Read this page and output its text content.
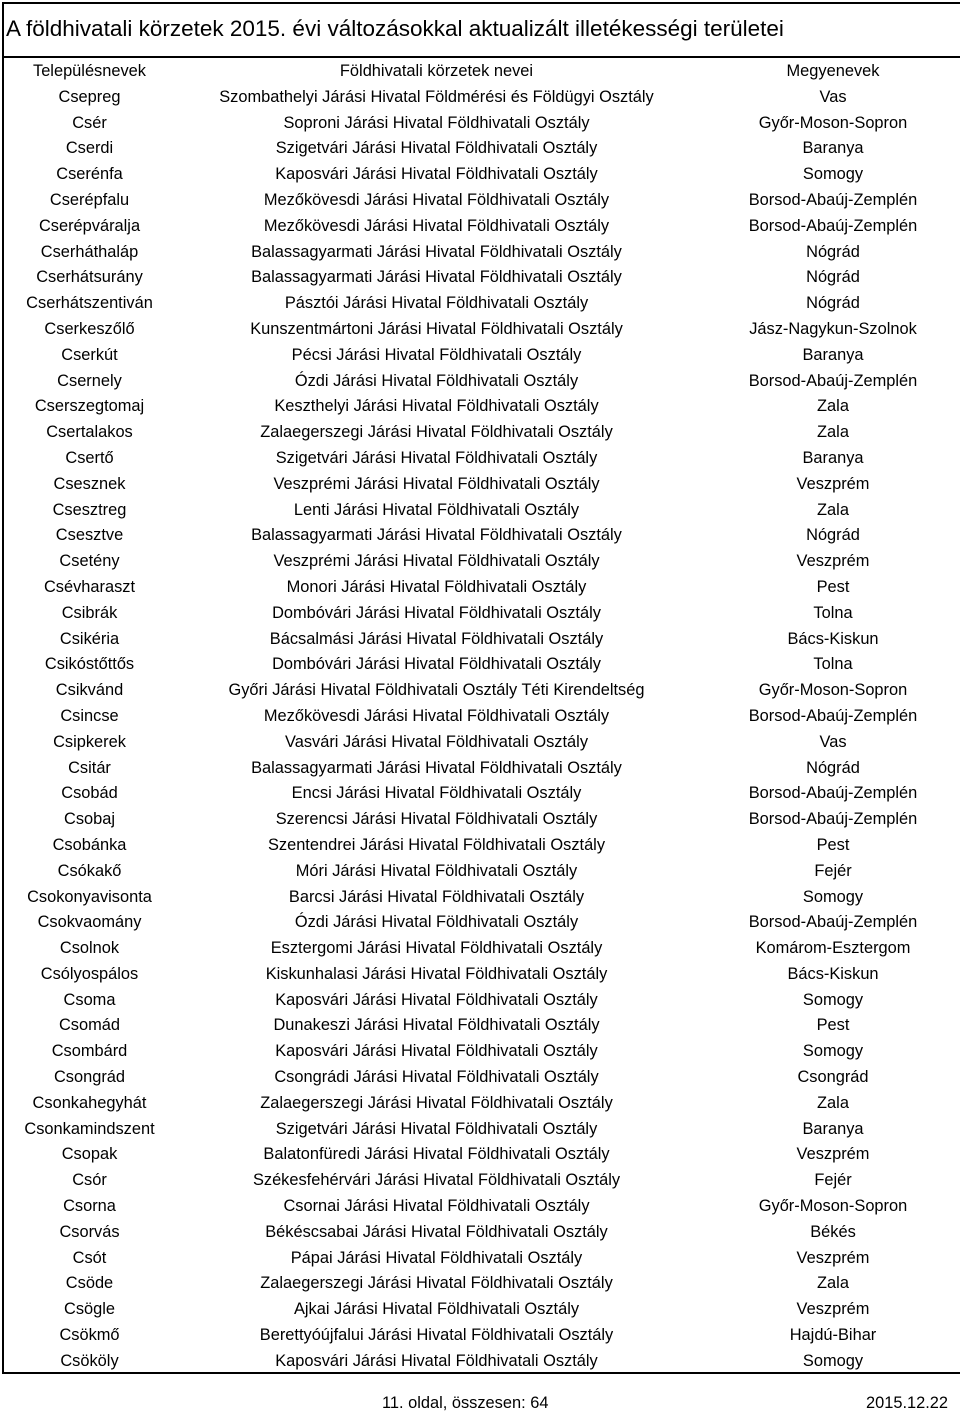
A földhivatali körzetek 2015. évi változásokkal aktualizált illetékességi területei
Településnevek	Földhivatali körzetek nevei	Megyenevek
Csepreg	Szombathelyi Járási Hivatal Földmérési és Földügyi Osztály	Vas
Csér	Soproni Járási Hivatal Földhivatali Osztály	Győr-Moson-Sopron
Cserdi	Szigetvári Járási Hivatal Földhivatali Osztály	Baranya
Cserénfa	Kaposvári Járási Hivatal Földhivatali Osztály	Somogy
Cserépfalu	Mezőkövesdi Járási Hivatal Földhivatali Osztály	Borsod-Abaúj-Zemplén
Cserépváralja	Mezőkövesdi Járási Hivatal Földhivatali Osztály	Borsod-Abaúj-Zemplén
Cserháthaláp	Balassagyarmati Járási Hivatal Földhivatali Osztály	Nógrád
Cserhátsurány	Balassagyarmati Járási Hivatal Földhivatali Osztály	Nógrád
Cserhátszentiván	Pásztói Járási Hivatal Földhivatali Osztály	Nógrád
Cserkeszőlő	Kunszentmártoni Járási Hivatal Földhivatali Osztály	Jász-Nagykun-Szolnok
Cserkút	Pécsi Járási Hivatal Földhivatali Osztály	Baranya
Csernely	Ózdi Járási Hivatal Földhivatali Osztály	Borsod-Abaúj-Zemplén
Cserszegtomaj	Keszthelyi Járási Hivatal Földhivatali Osztály	Zala
Csertalakos	Zalaegerszegi Járási Hivatal Földhivatali Osztály	Zala
Csertő	Szigetvári Járási Hivatal Földhivatali Osztály	Baranya
Csesznek	Veszprémi Járási Hivatal Földhivatali Osztály	Veszprém
Csesztreg	Lenti Járási Hivatal Földhivatali Osztály	Zala
Csesztve	Balassagyarmati Járási Hivatal Földhivatali Osztály	Nógrád
Csetény	Veszprémi Járási Hivatal Földhivatali Osztály	Veszprém
Csévharaszt	Monori Járási Hivatal Földhivatali Osztály	Pest
Csibrák	Dombóvári Járási Hivatal Földhivatali Osztály	Tolna
Csikéria	Bácsalmási Járási Hivatal Földhivatali Osztály	Bács-Kiskun
Csikóstőttős	Dombóvári Járási Hivatal Földhivatali Osztály	Tolna
Csikvánd	Győri Járási Hivatal Földhivatali Osztály Téti Kirendeltség	Győr-Moson-Sopron
Csincse	Mezőkövesdi Járási Hivatal Földhivatali Osztály	Borsod-Abaúj-Zemplén
Csipkerek	Vasvári Járási Hivatal Földhivatali Osztály	Vas
Csitár	Balassagyarmati Járási Hivatal Földhivatali Osztály	Nógrád
Csobád	Encsi Járási Hivatal Földhivatali Osztály	Borsod-Abaúj-Zemplén
Csobaj	Szerencsi Járási Hivatal Földhivatali Osztály	Borsod-Abaúj-Zemplén
Csobánka	Szentendrei Járási Hivatal Földhivatali Osztály	Pest
Csókakő	Móri Járási Hivatal Földhivatali Osztály	Fejér
Csokonyavisonta	Barcsi Járási Hivatal Földhivatali Osztály	Somogy
Csokvaomány	Ózdi Járási Hivatal Földhivatali Osztály	Borsod-Abaúj-Zemplén
Csolnok	Esztergomi Járási Hivatal Földhivatali Osztály	Komárom-Esztergom
Csólyospálos	Kiskunhalasi Járási Hivatal Földhivatali Osztály	Bács-Kiskun
Csoma	Kaposvári Járási Hivatal Földhivatali Osztály	Somogy
Csomád	Dunakeszi Járási Hivatal Földhivatali Osztály	Pest
Csombárd	Kaposvári Járási Hivatal Földhivatali Osztály	Somogy
Csongrád	Csongrádi Járási Hivatal Földhivatali Osztály	Csongrád
Csonkahegyhát	Zalaegerszegi Járási Hivatal Földhivatali Osztály	Zala
Csonkamindszent	Szigetvári Járási Hivatal Földhivatali Osztály	Baranya
Csopak	Balatonfüredi Járási Hivatal Földhivatali Osztály	Veszprém
Csór	Székesfehérvári Járási Hivatal Földhivatali Osztály	Fejér
Csorna	Csornai Járási Hivatal Földhivatali Osztály	Győr-Moson-Sopron
Csorvás	Békéscsabai Járási Hivatal Földhivatali Osztály	Békés
Csót	Pápai Járási Hivatal Földhivatali Osztály	Veszprém
Csöde	Zalaegerszegi Járási Hivatal Földhivatali Osztály	Zala
Csögle	Ajkai Járási Hivatal Földhivatali Osztály	Veszprém
Csökmő	Berettyóújfalui Járási Hivatal Földhivatali Osztály	Hajdú-Bihar
Csököly	Kaposvári Járási Hivatal Földhivatali Osztály	Somogy
11. oldal, összesen: 64	2015.12.22
